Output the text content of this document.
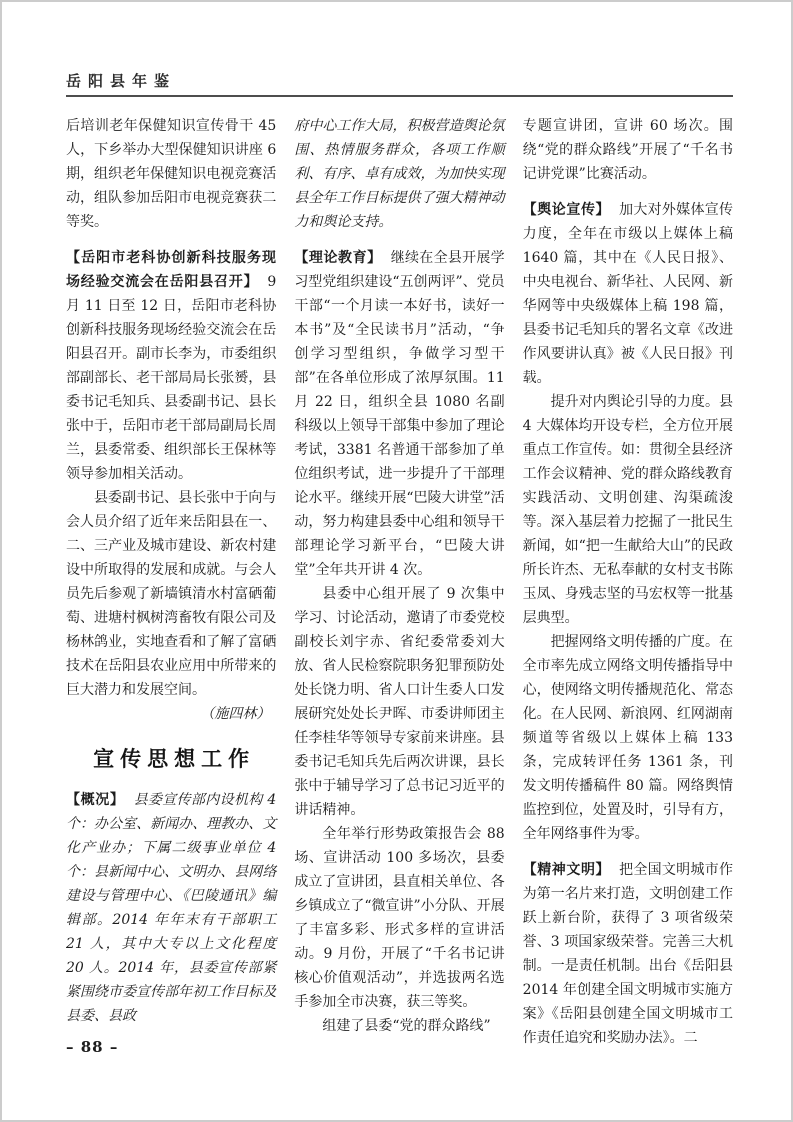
岳阳县年鉴

后培训老年保健知识宣传骨干 45 人，下乡举办大型保健知识讲座 6 期，组织老年保健知识电视竞赛活动，组队参加岳阳市电视竞赛获二等奖。

【岳阳市老科协创新科技服务现场经验交流会在岳阳县召开】 9 月 11 日至 12 日，岳阳市老科协创新科技服务现场经验交流会在岳阳县召开。副市长李为，市委组织部副部长、老干部局局长张赟，县委书记毛知兵、县委副书记、县长张中于，岳阳市老干部局副局长周兰，县委常委、组织部长王保林等领导参加相关活动。

县委副书记、县长张中于向与会人员介绍了近年来岳阳县在一、二、三产业及城市建设、新农村建设中所取得的发展和成就。与会人员先后参观了新墙镇清水村富硒葡萄、进塘村枫树湾畜牧有限公司及杨林鸽业，实地查看和了解了富硒技术在岳阳县农业应用中所带来的巨大潜力和发展空间。

（施四林）

宣传思想工作

【概况】 县委宣传部内设机构 4 个：办公室、新闻办、理教办、文化产业办；下属二级事业单位 4 个：县新闻中心、文明办、县网络建设与管理中心、《巴陵通讯》编辑部。2014 年年末有干部职工 21 人，其中大专以上文化程度 20 人。2014 年，县委宣传部紧紧围绕市委宣传部年初工作目标及县委、县政

府中心工作大局，积极营造舆论氛围、热情服务群众，各项工作顺利、有序、卓有成效，为加快实现县全年工作目标提供了强大精神动力和舆论支持。

【理论教育】 继续在全县开展学习型党组织建设“五创两评”、党员干部“一个月读一本好书，读好一本书”及“全民读书月”活动，“争创学习型组织，争做学习型干部”在各单位形成了浓厚氛围。11 月 22 日，组织全县 1080 名副科级以上领导干部集中参加了理论考试，3381 名普通干部参加了单位组织考试，进一步提升了干部理论水平。继续开展“巴陵大讲堂”活动，努力构建县委中心组和领导干部理论学习新平台，“巴陵大讲堂”全年共开讲 4 次。

县委中心组开展了 9 次集中学习、讨论活动，邀请了市委党校副校长刘宇赤、省纪委常委刘大放、省人民检察院职务犯罪预防处处长饶力明、省人口计生委人口发展研究处处长尹晖、市委讲师团主任李桂华等领导专家前来讲座。县委书记毛知兵先后两次讲课，县长张中于辅导学习了总书记习近平的讲话精神。

全年举行形势政策报告会 88 场、宣讲活动 100 多场次，县委成立了宣讲团，县直相关单位、各乡镇成立了“微宣讲”小分队、开展了丰富多彩、形式多样的宣讲活动。9 月份，开展了“千名书记讲核心价值观活动”，并选拔两名选手参加全市决赛，获三等奖。

组建了县委“党的群众路线”

专题宣讲团，宣讲 60 场次。围绕“党的群众路线”开展了“千名书记讲党课”比赛活动。

【舆论宣传】 加大对外媒体宣传力度，全年在市级以上媒体上稿 1640 篇，其中在《人民日报》、中央电视台、新华社、人民网、新华网等中央级媒体上稿 198 篇，县委书记毛知兵的署名文章《改进作风要讲认真》被《人民日报》刊载。

提升对内舆论引导的力度。县 4 大媒体均开设专栏，全方位开展重点工作宣传。如：贯彻全县经济工作会议精神、党的群众路线教育实践活动、文明创建、沟渠疏浚等。深入基层着力挖掘了一批民生新闻，如“把一生献给大山”的民政所长许杰、无私奉献的女村支书陈玉凤、身残志坚的马宏权等一批基层典型。

把握网络文明传播的广度。在全市率先成立网络文明传播指导中心，使网络文明传播规范化、常态化。在人民网、新浪网、红网湖南频道等省级以上媒体上稿 133 条，完成转评任务 1361 条，刊发文明传播稿件 80 篇。网络舆情监控到位，处置及时，引导有方，全年网络事件为零。

【精神文明】 把全国文明城市作为第一名片来打造，文明创建工作跃上新台阶，获得了 3 项省级荣誉、3 项国家级荣誉。完善三大机制。一是责任机制。出台《岳阳县 2014 年创建全国文明城市实施方案》《岳阳县创建全国文明城市工作责任追究和奖励办法》。二

– 88 –
